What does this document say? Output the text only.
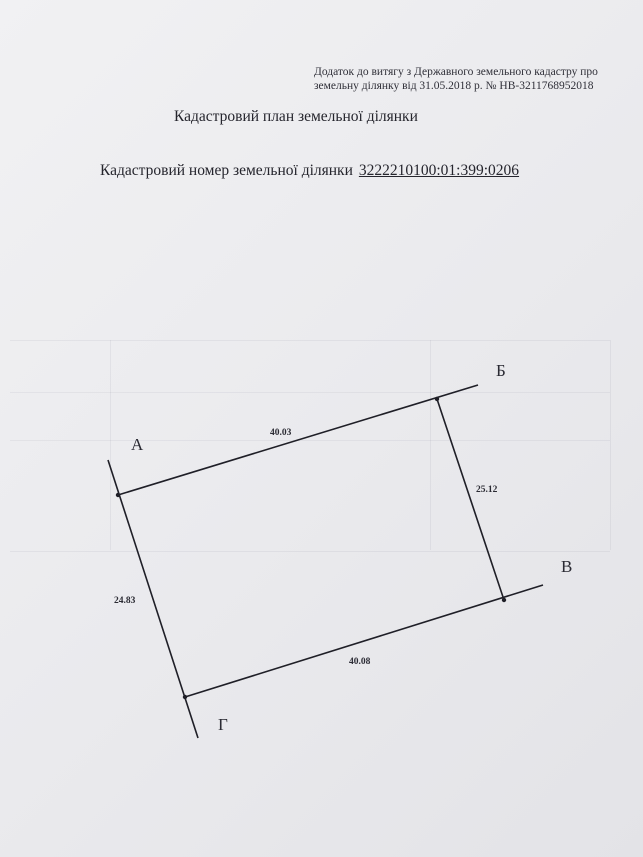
Додаток до витягу з Державного земельного кадастру про
земельну ділянку від 31.05.2018 р. № НВ-3211768952018
Кадастровий план земельної ділянки
Кадастровий номер земельної ділянки 3222210100:01:399:0206
А
Б
В
Г
40.03
25.12
40.08
24.83
